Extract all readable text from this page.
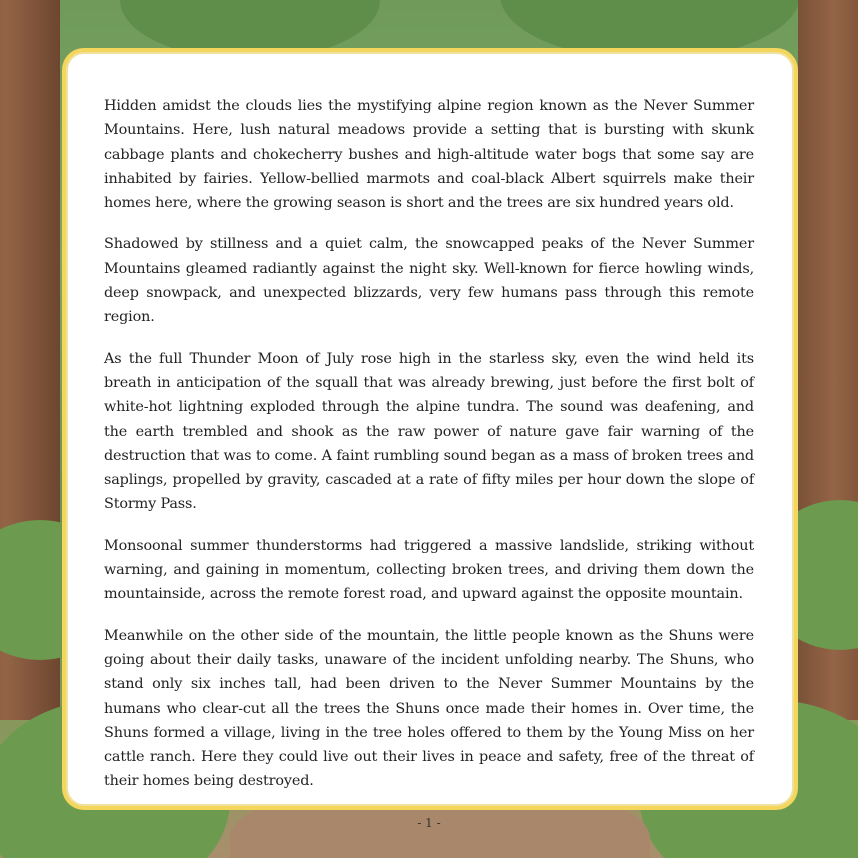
Hidden amidst the clouds lies the mystifying alpine region known as the Never Summer Mountains. Here, lush natural meadows provide a setting that is bursting with skunk cabbage plants and chokecherry bushes and high-altitude water bogs that some say are inhabited by fairies. Yellow-bellied marmots and coal-black Albert squirrels make their homes here, where the growing season is short and the trees are six hundred years old.

Shadowed by stillness and a quiet calm, the snowcapped peaks of the Never Summer Mountains gleamed radiantly against the night sky. Well-known for fierce howling winds, deep snowpack, and unexpected blizzards, very few humans pass through this remote region.

As the full Thunder Moon of July rose high in the starless sky, even the wind held its breath in anticipation of the squall that was already brewing, just before the first bolt of white-hot lightning exploded through the alpine tundra. The sound was deafening, and the earth trembled and shook as the raw power of nature gave fair warning of the destruction that was to come. A faint rumbling sound began as a mass of broken trees and saplings, propelled by gravity, cascaded at a rate of fifty miles per hour down the slope of Stormy Pass.

Monsoonal summer thunderstorms had triggered a massive landslide, striking without warning, and gaining in momentum, collecting broken trees, and driving them down the mountainside, across the remote forest road, and upward against the opposite mountain.

Meanwhile on the other side of the mountain, the little people known as the Shuns were going about their daily tasks, unaware of the incident unfolding nearby. The Shuns, who stand only six inches tall, had been driven to the Never Summer Mountains by the humans who clear-cut all the trees the Shuns once made their homes in. Over time, the Shuns formed a village, living in the tree holes offered to them by the Young Miss on her cattle ranch. Here they could live out their lives in peace and safety, free of the threat of their homes being destroyed.

- 1 -
